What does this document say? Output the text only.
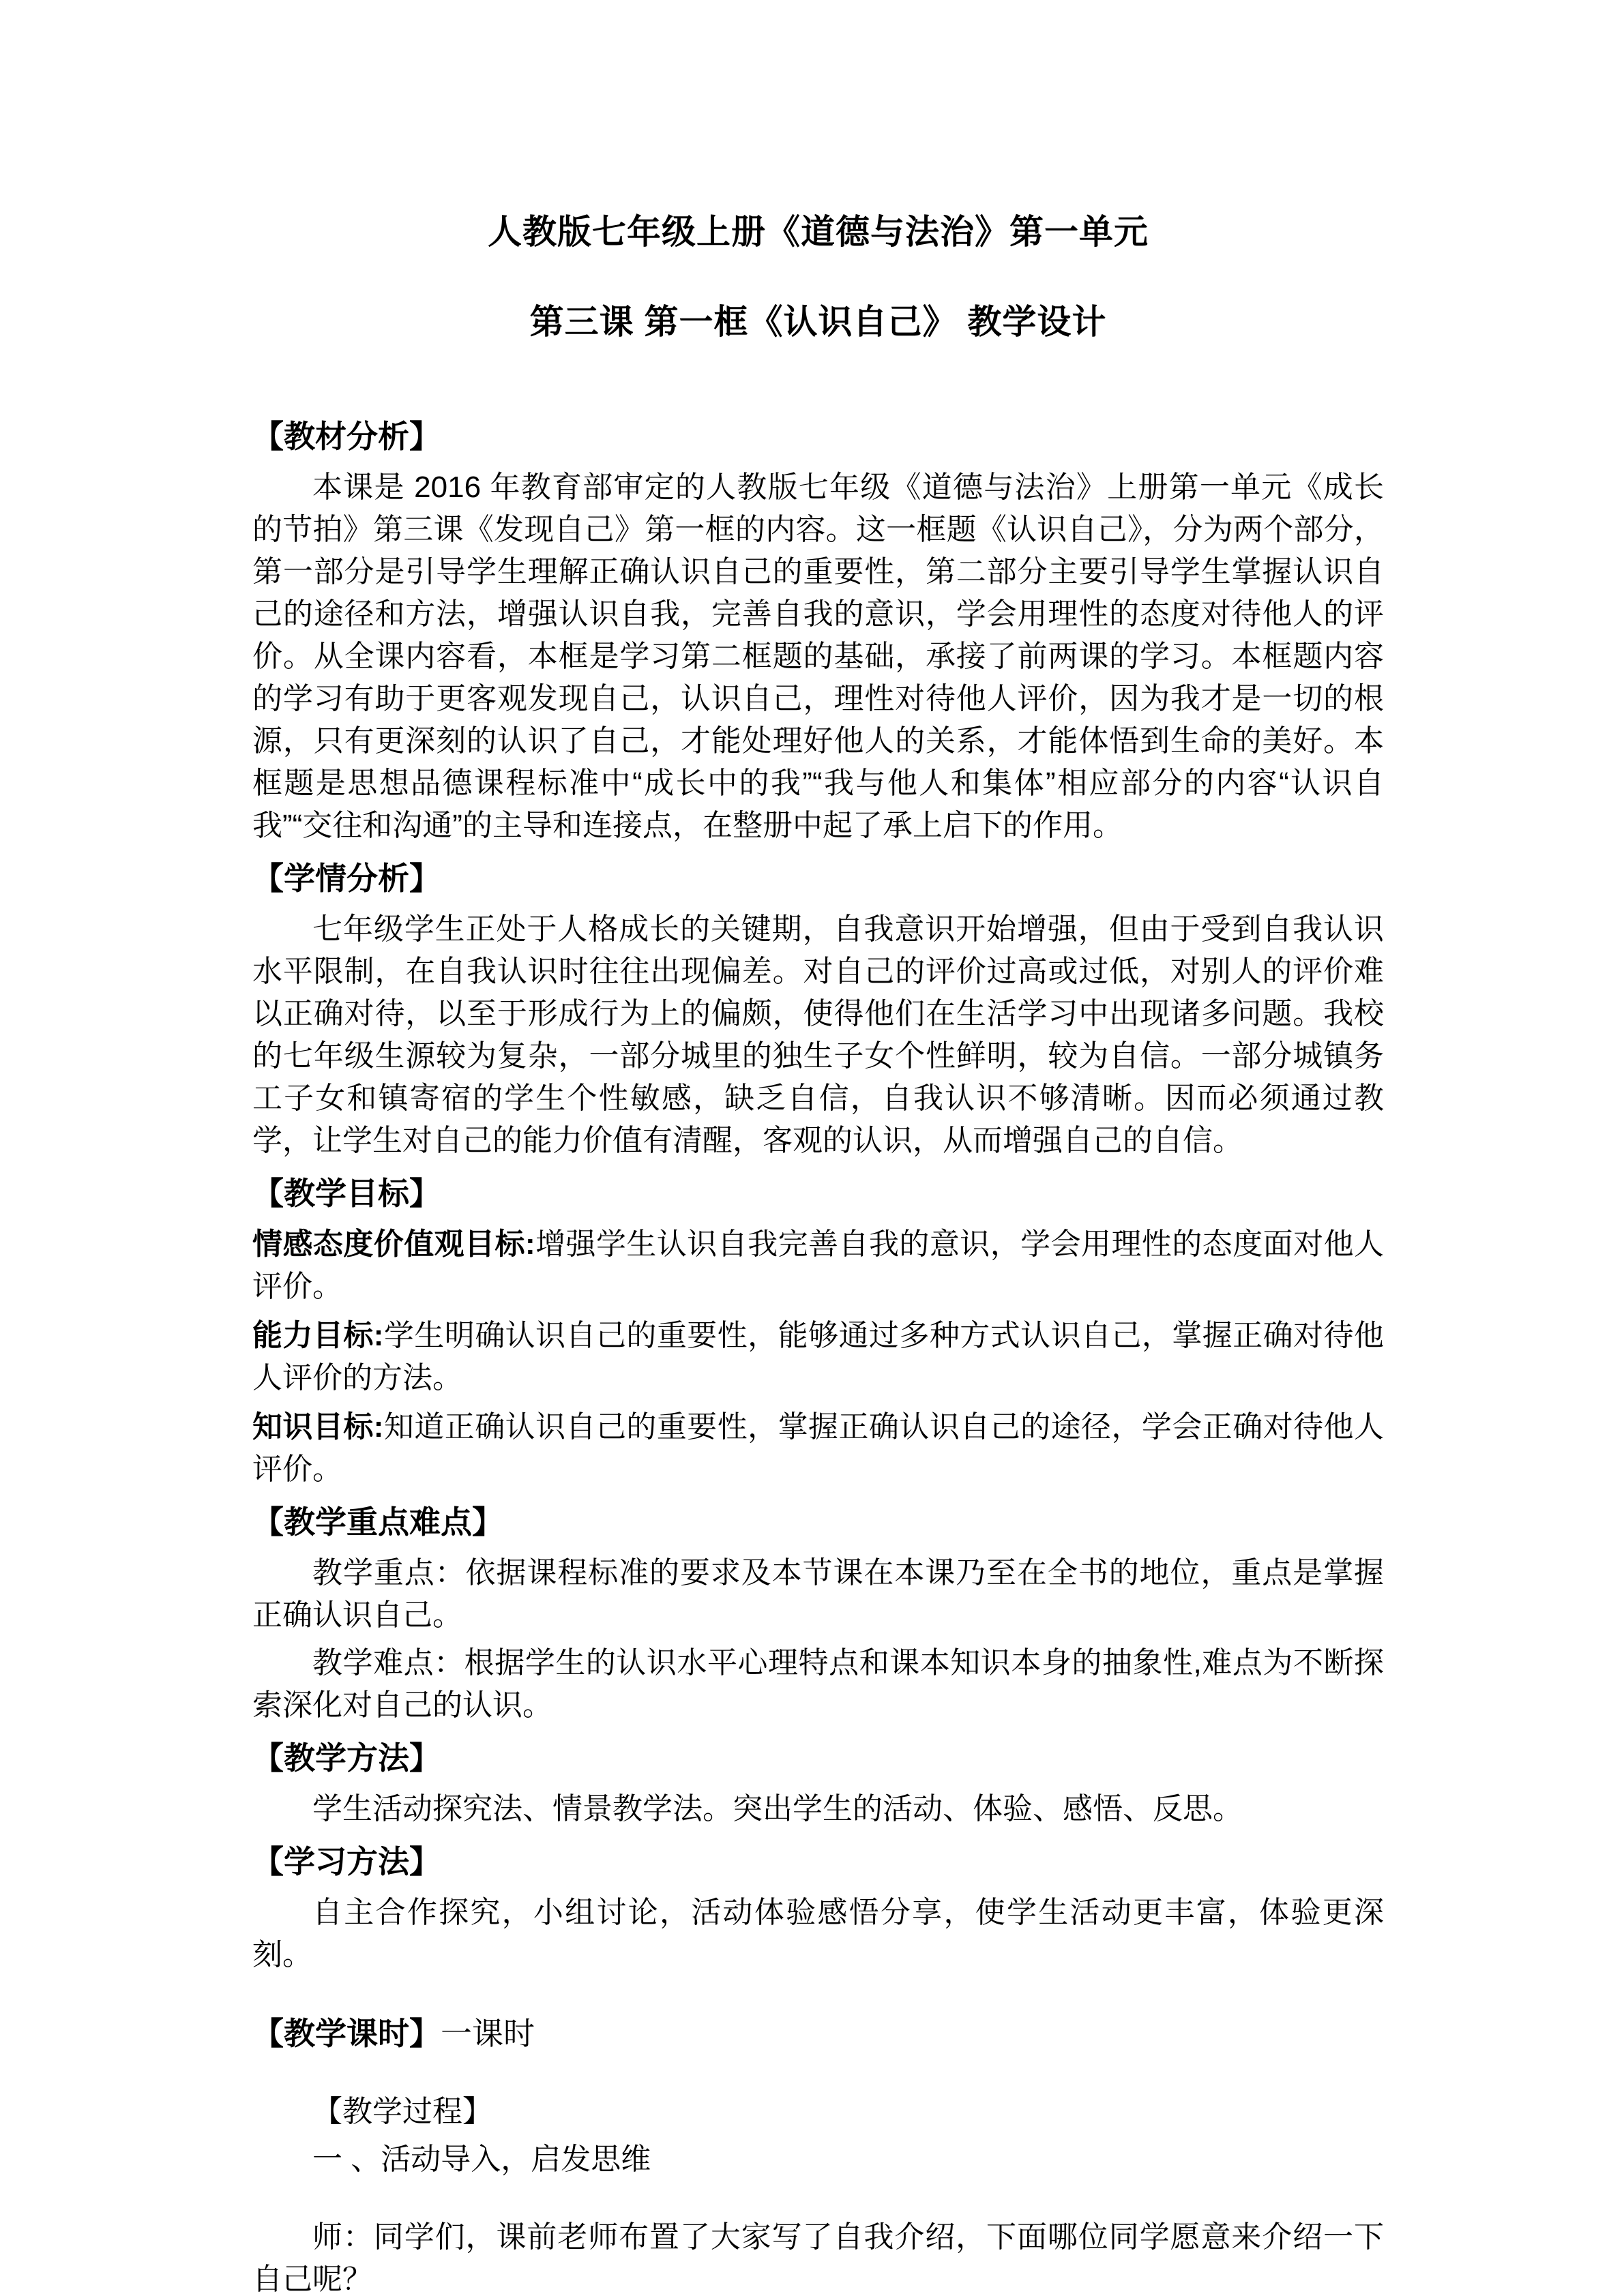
人教版七年级上册《道德与法治》第一单元
第三课 第一框《认识自己》 教学设计
【教材分析】

本课是 2016 年教育部审定的人教版七年级《道德与法治》上册第一单元《成长的节拍》第三课《发现自己》第一框的内容。这一框题《认识自己》，分为两个部分，第一部分是引导学生理解正确认识自己的重要性，第二部分主要引导学生掌握认识自己的途径和方法，增强认识自我，完善自我的意识，学会用理性的态度对待他人的评价。从全课内容看，本框是学习第二框题的基础，承接了前两课的学习。本框题内容的学习有助于更客观发现自己，认识自己，理性对待他人评价，因为我才是一切的根源，只有更深刻的认识了自己，才能处理好他人的关系，才能体悟到生命的美好。本框题是思想品德课程标准中“成长中的我”“我与他人和集体”相应部分的内容“认识自我”“交往和沟通”的主导和连接点，在整册中起了承上启下的作用。

【学情分析】

七年级学生正处于人格成长的关键期，自我意识开始增强，但由于受到自我认识水平限制，在自我认识时往往出现偏差。对自己的评价过高或过低，对别人的评价难以正确对待，以至于形成行为上的偏颇，使得他们在生活学习中出现诸多问题。我校的七年级生源较为复杂，一部分城里的独生子女个性鲜明，较为自信。一部分城镇务工子女和镇寄宿的学生个性敏感，缺乏自信，自我认识不够清晰。因而必须通过教学，让学生对自己的能力价值有清醒，客观的认识，从而增强自己的自信。

【教学目标】

情感态度价值观目标:增强学生认识自我完善自我的意识，学会用理性的态度面对他人评价。

能力目标:学生明确认识自己的重要性，能够通过多种方式认识自己，掌握正确对待他人评价的方法。

知识目标:知道正确认识自己的重要性，掌握正确认识自己的途径，学会正确对待他人评价。

【教学重点难点】

教学重点：依据课程标准的要求及本节课在本课乃至在全书的地位，重点是掌握正确认识自己。

教学难点：根据学生的认识水平心理特点和课本知识本身的抽象性,难点为不断探索深化对自己的认识。

【教学方法】

学生活动探究法、情景教学法。突出学生的活动、体验、感悟、反思。

【学习方法】

自主合作探究，小组讨论，活动体验感悟分享，使学生活动更丰富，体验更深刻。

【教学课时】一课时

【教学过程】

一 、活动导入，启发思维

师：同学们，课前老师布置了大家写了自我介绍，下面哪位同学愿意来介绍一下自己呢？
